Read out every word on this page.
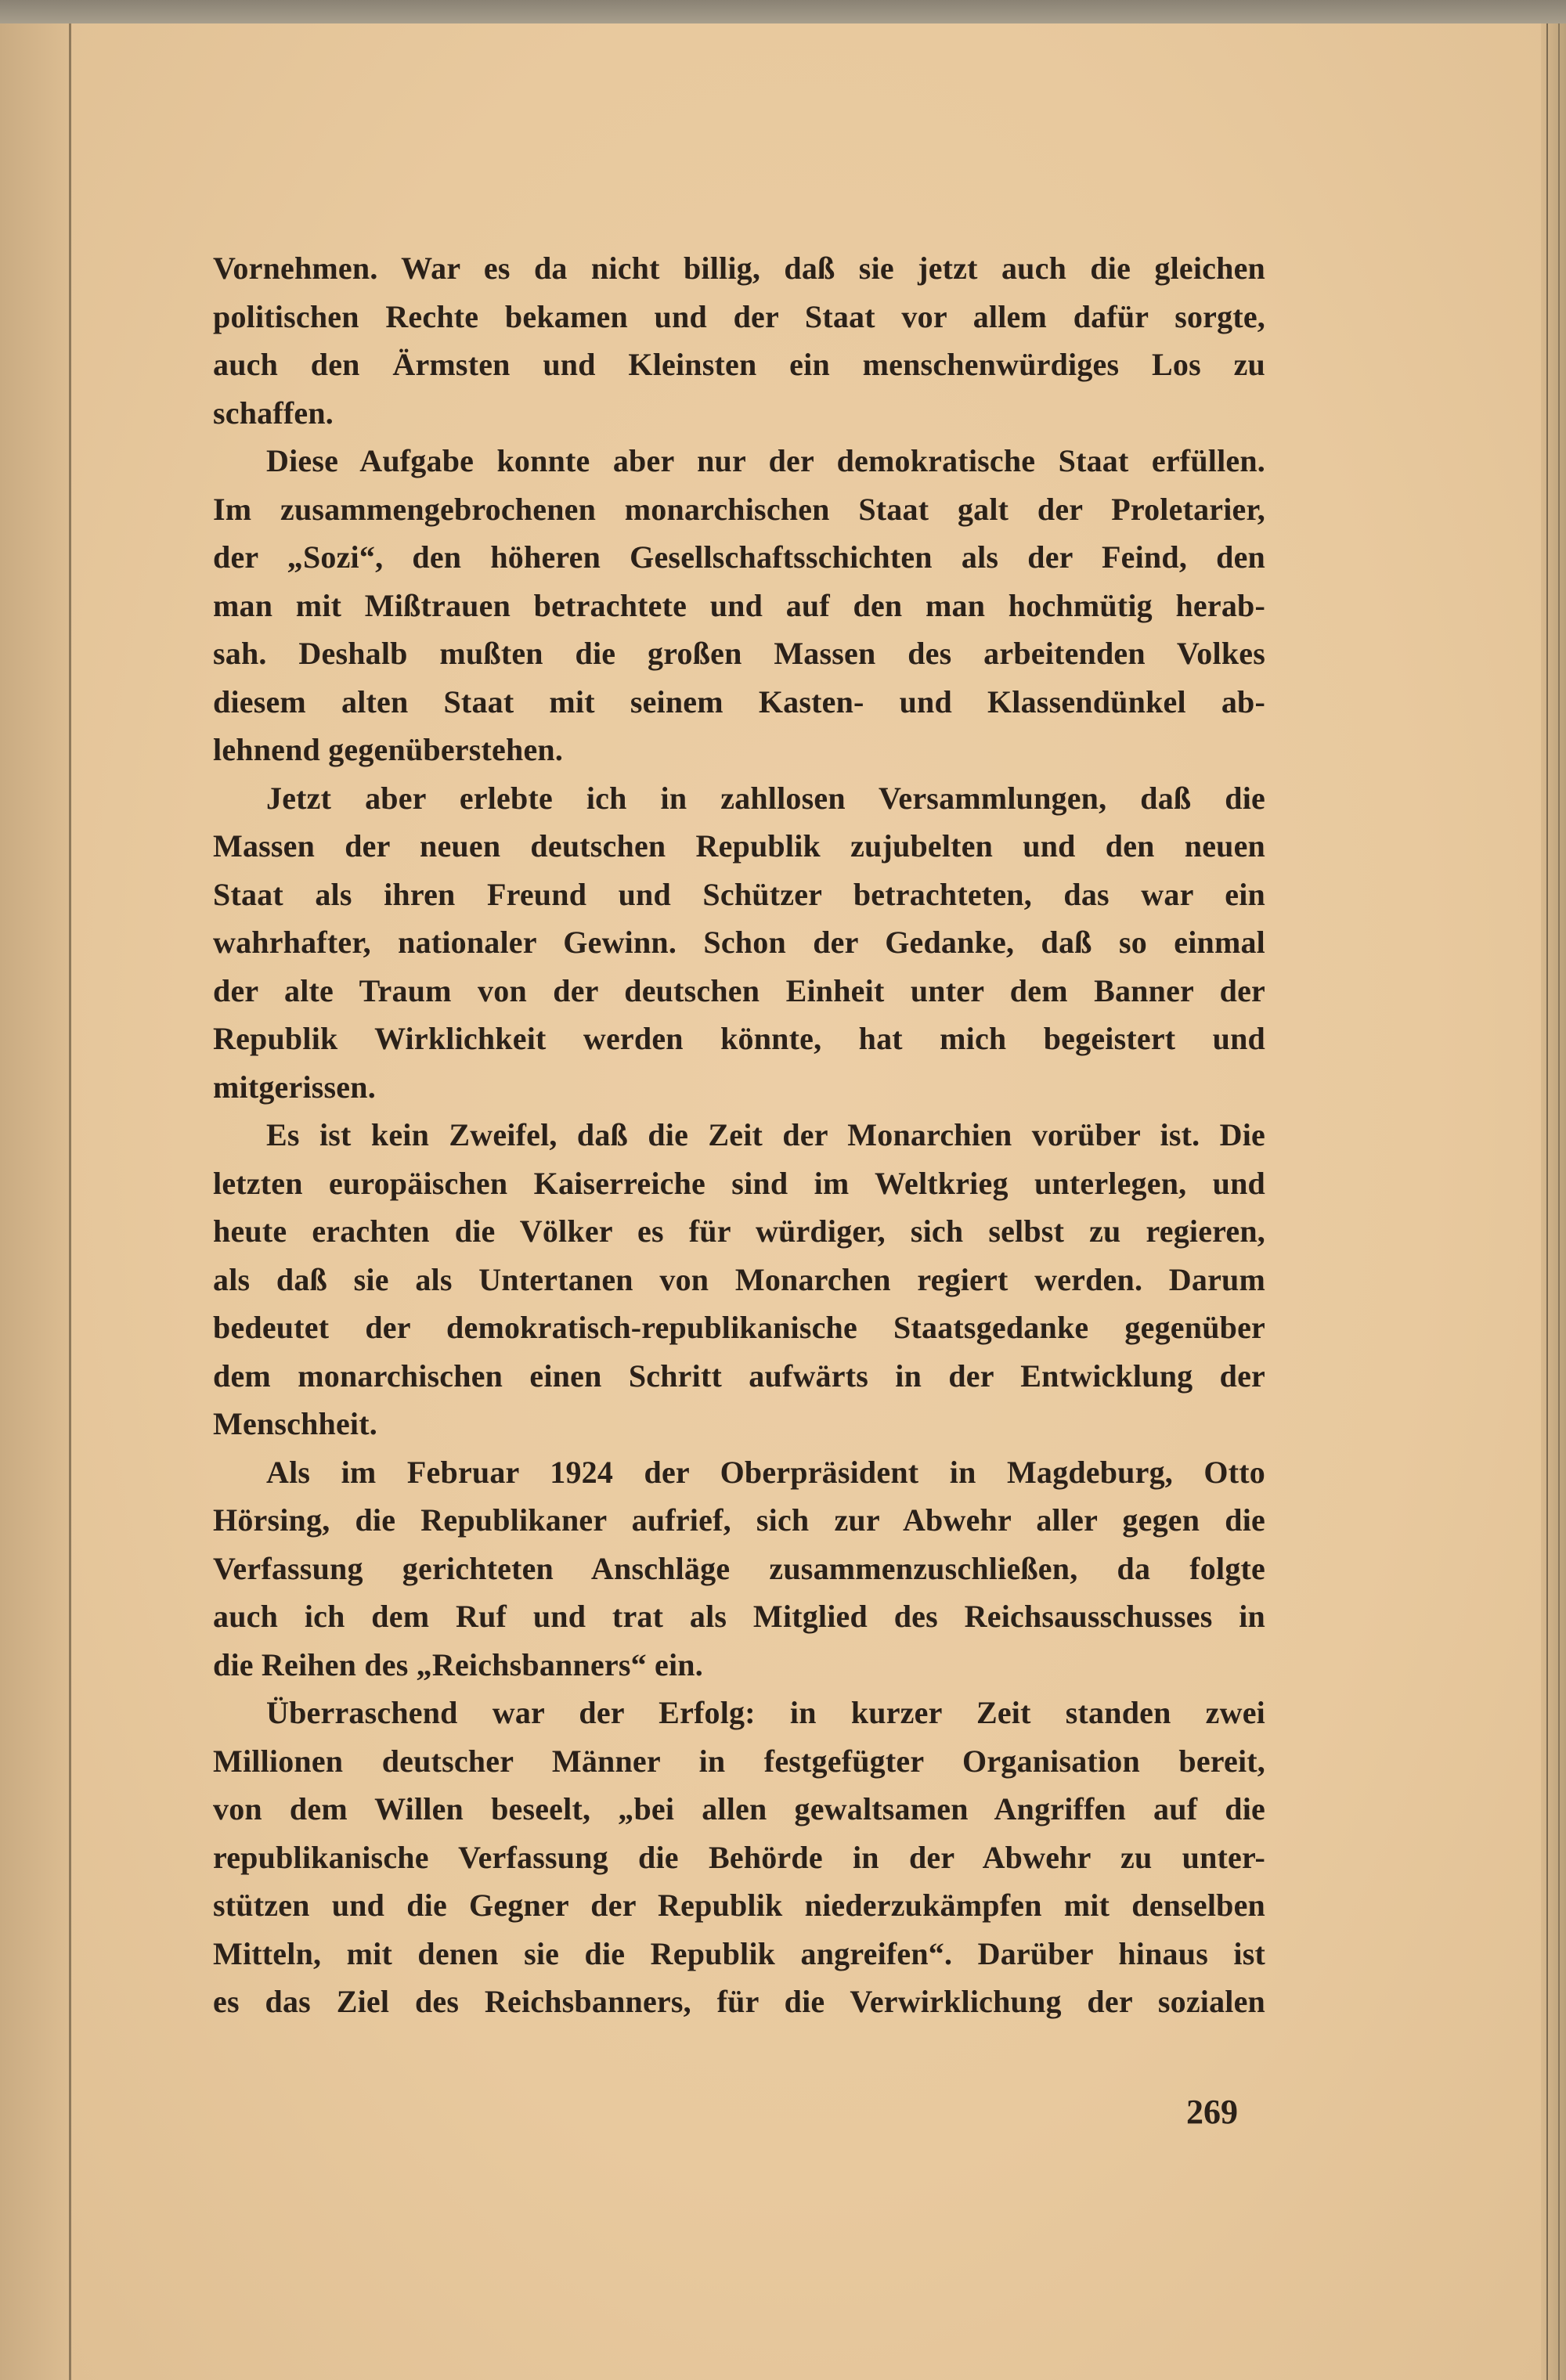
Vornehmen. War es da nicht billig, daß sie jetzt auch die gleichen
politischen Rechte bekamen und der Staat vor allem dafür sorgte,
auch den Ärmsten und Kleinsten ein menschenwürdiges Los zu
schaffen.
Diese Aufgabe konnte aber nur der demokratische Staat erfüllen.
Im zusammengebrochenen monarchischen Staat galt der Proletarier,
der „Sozi“, den höheren Gesellschaftsschichten als der Feind, den
man mit Mißtrauen betrachtete und auf den man hochmütig herab-
sah. Deshalb mußten die großen Massen des arbeitenden Volkes
diesem alten Staat mit seinem Kasten- und Klassendünkel ab-
lehnend gegenüberstehen.
Jetzt aber erlebte ich in zahllosen Versammlungen, daß die
Massen der neuen deutschen Republik zujubelten und den neuen
Staat als ihren Freund und Schützer betrachteten, das war ein
wahrhafter, nationaler Gewinn. Schon der Gedanke, daß so einmal
der alte Traum von der deutschen Einheit unter dem Banner der
Republik Wirklichkeit werden könnte, hat mich begeistert und
mitgerissen.
Es ist kein Zweifel, daß die Zeit der Monarchien vorüber ist. Die
letzten europäischen Kaiserreiche sind im Weltkrieg unterlegen, und
heute erachten die Völker es für würdiger, sich selbst zu regieren,
als daß sie als Untertanen von Monarchen regiert werden. Darum
bedeutet der demokratisch-republikanische Staatsgedanke gegenüber
dem monarchischen einen Schritt aufwärts in der Entwicklung der
Menschheit.
Als im Februar 1924 der Oberpräsident in Magdeburg, Otto
Hörsing, die Republikaner aufrief, sich zur Abwehr aller gegen die
Verfassung gerichteten Anschläge zusammenzuschließen, da folgte
auch ich dem Ruf und trat als Mitglied des Reichsausschusses in
die Reihen des „Reichsbanners“ ein.
Überraschend war der Erfolg: in kurzer Zeit standen zwei
Millionen deutscher Männer in festgefügter Organisation bereit,
von dem Willen beseelt, „bei allen gewaltsamen Angriffen auf die
republikanische Verfassung die Behörde in der Abwehr zu unter-
stützen und die Gegner der Republik niederzukämpfen mit denselben
Mitteln, mit denen sie die Republik angreifen“. Darüber hinaus ist
es das Ziel des Reichsbanners, für die Verwirklichung der sozialen
269
